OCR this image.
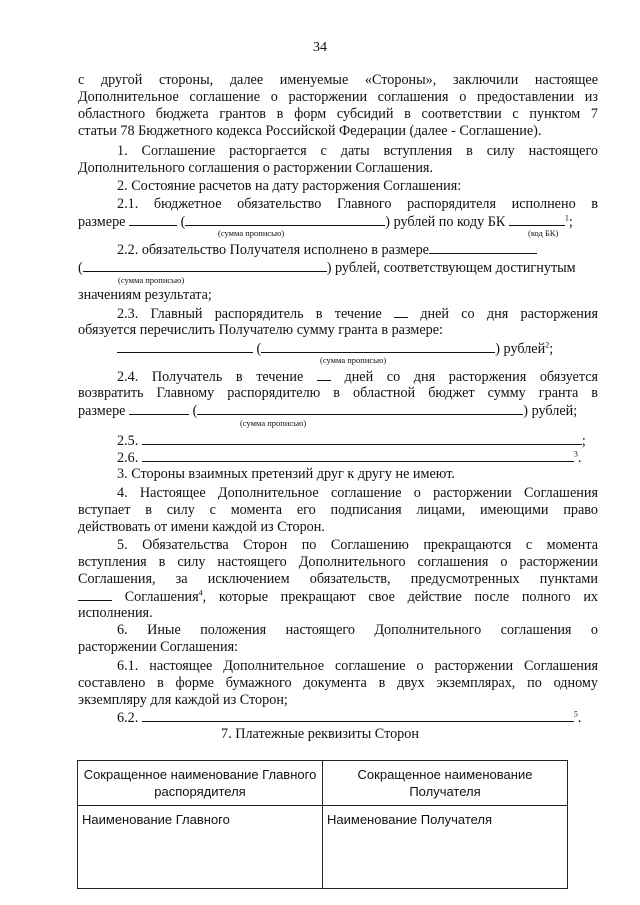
34
с другой стороны, далее именуемые «Стороны», заключили настоящее
Дополнительное соглашение о расторжении соглашения о предоставлении из
областного бюджета грантов в форм субсидий в соответствии с пунктом 7
статьи 78 Бюджетного кодекса Российской Федерации (далее - Соглашение).
1. Соглашение расторгается с даты вступления в силу настоящего
Дополнительного соглашения о расторжении Соглашения.
2. Состояние расчетов на дату расторжения Соглашения:
2.1. бюджетное обязательство Главного распорядителя исполнено в
размере	(	) рублей по коду БК	$^1$;
(сумма прописью)	(код БК)
2.2. обязательство Получателя исполнено в размере
(	) рублей, соответствующем достигнутым
(сумма прописью)
значениям результата;
2.3. Главный распорядитель в течение	дней со дня расторжения
обязуется перечислить Получателю сумму гранта в размере:
(	) рублей$^2$;
(сумма прописью)
2.4. Получатель в течение	дней со дня расторжения обязуется
возвратить Главному распорядителю в областной бюджет сумму гранта в
размере	(	) рублей;
(сумма прописью)
2.5.	;
2.6.	$^3$.
3. Стороны взаимных претензий друг к другу не имеют.
4. Настоящее Дополнительное соглашение о расторжении Соглашения
вступает в силу с момента его подписания лицами, имеющими право
действовать от имени каждой из Сторон.
5. Обязательства Сторон по Соглашению прекращаются с момента
вступления в силу настоящего Дополнительного соглашения о расторжении
Соглашения, за исключением обязательств, предусмотренных пунктами
Соглашения$^4$, которые прекращают свое действие после полного их
исполнения.
6. Иные положения настоящего Дополнительного соглашения о
расторжении Соглашения:
6.1. настоящее Дополнительное соглашение о расторжении Соглашения
составлено в форме бумажного документа в двух экземплярах, по одному
экземпляру для каждой из Сторон;
6.2.	$^5$.
7. Платежные реквизиты Сторон
Сокращенное наименование Главного распорядителя	Сокращенное наименование Получателя
Наименование Главного	Наименование Получателя
